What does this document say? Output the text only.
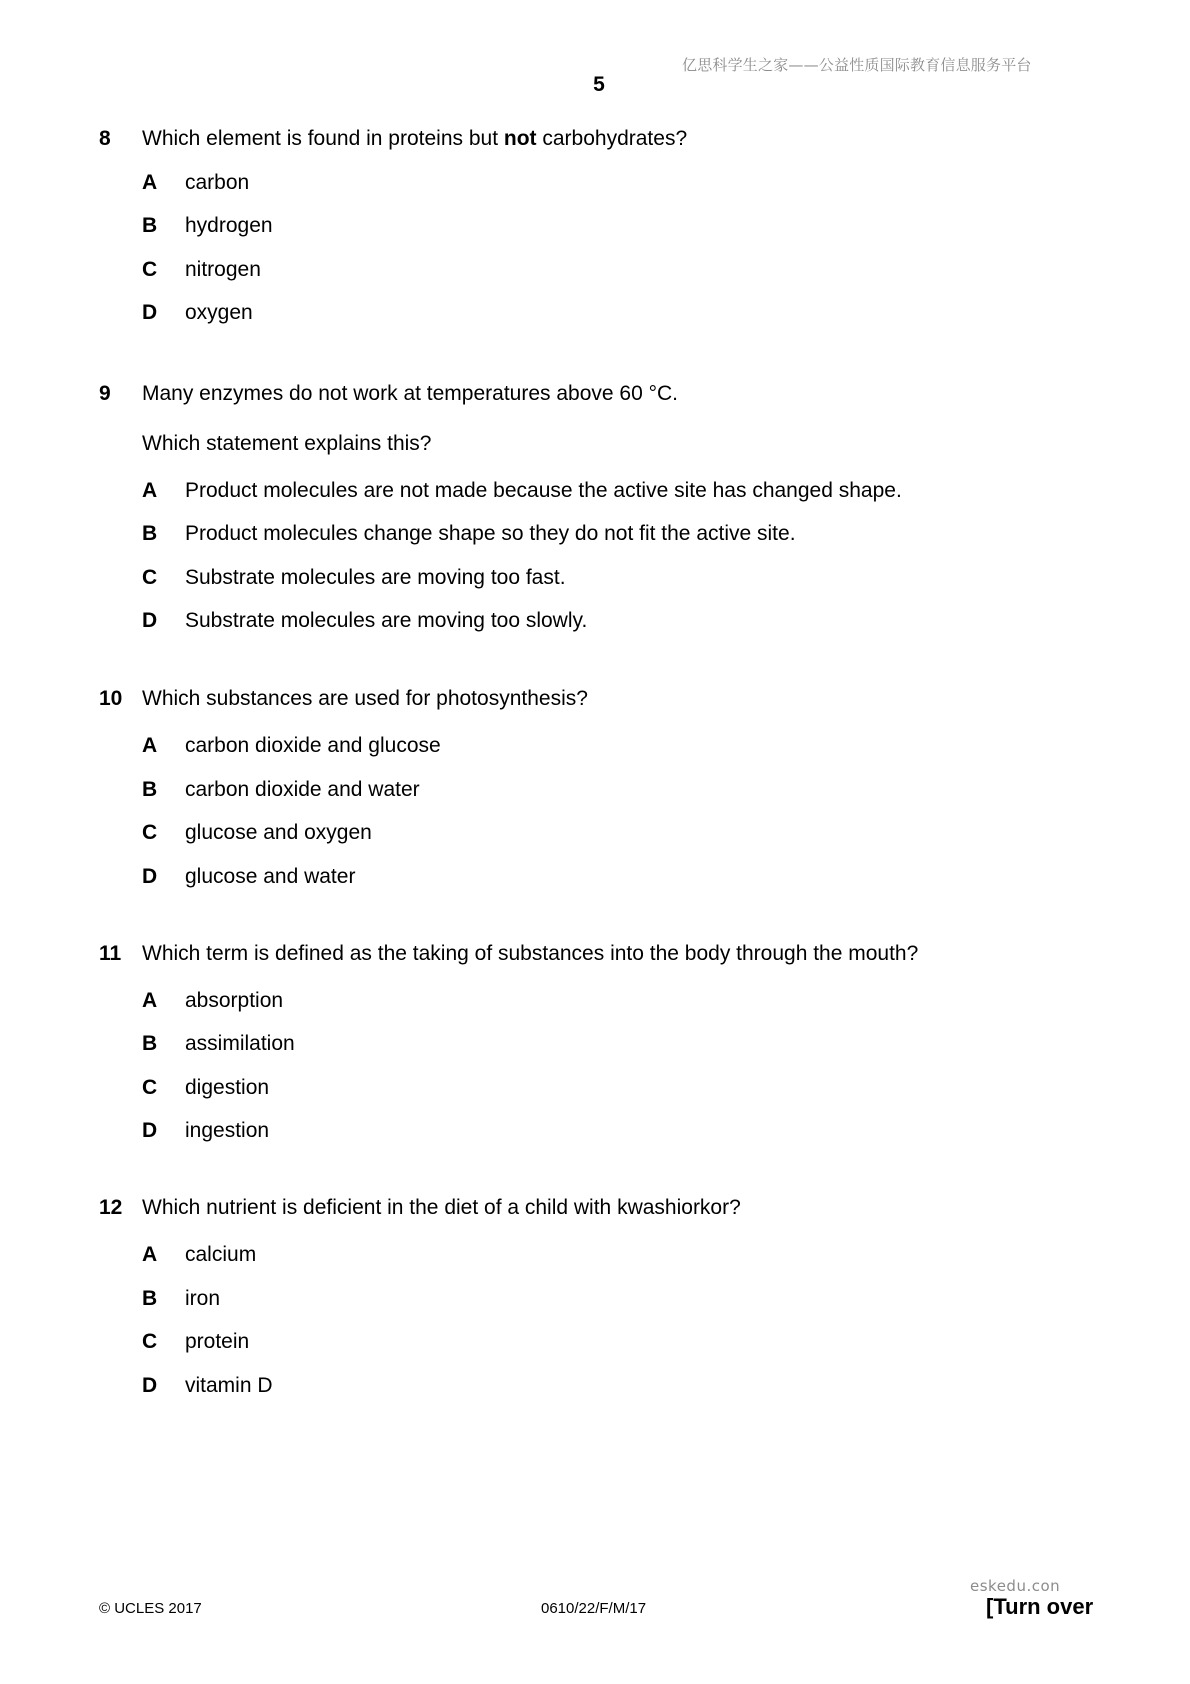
亿思科学生之家——公益性质国际教育信息服务平台
5
8 Which element is found in proteins but not carbohydrates?
A carbon
B hydrogen
C nitrogen
D oxygen
9 Many enzymes do not work at temperatures above 60 °C.
Which statement explains this?
A Product molecules are not made because the active site has changed shape.
B Product molecules change shape so they do not fit the active site.
C Substrate molecules are moving too fast.
D Substrate molecules are moving too slowly.
10 Which substances are used for photosynthesis?
A carbon dioxide and glucose
B carbon dioxide and water
C glucose and oxygen
D glucose and water
11 Which term is defined as the taking of substances into the body through the mouth?
A absorption
B assimilation
C digestion
D ingestion
12 Which nutrient is deficient in the diet of a child with kwashiorkor?
A calcium
B iron
C protein
D vitamin D
© UCLES 2017	0610/22/F/M/17
eskedu.con
[Turn over
